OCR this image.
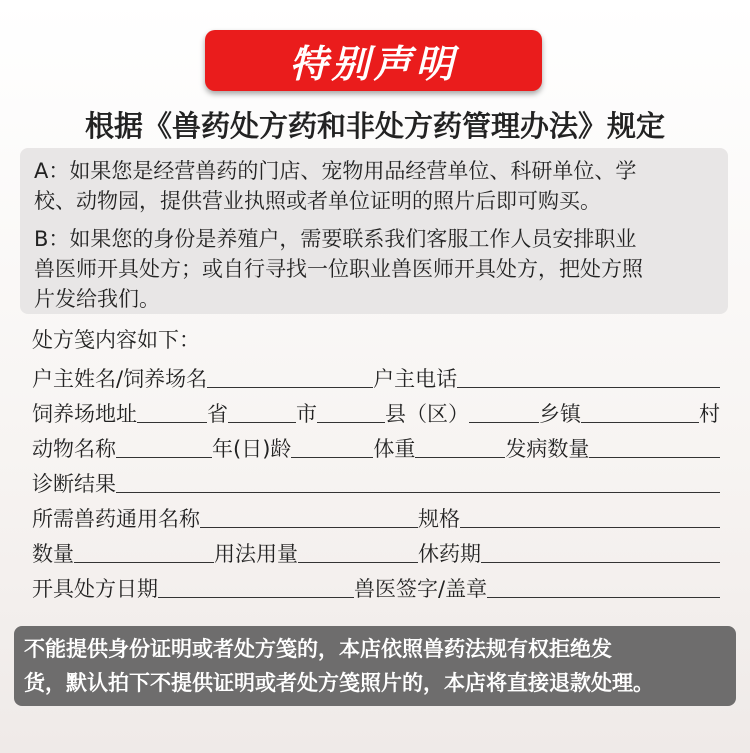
特别声明
根据《兽药处方药和非处方药管理办法》规定

A：如果您是经营兽药的门店、宠物用品经营单位、科研单位、学
校、动物园，提供营业执照或者单位证明的照片后即可购买。

B：如果您的身份是养殖户，需要联系我们客服工作人员安排职业
兽医师开具处方；或自行寻找一位职业兽医师开具处方，把处方照
片发给我们。

处方笺内容如下：
户主姓名/饲养场名	户主电话
饲养场地址	省	市	县（区）	乡镇	村
动物名称	年(日)龄	体重	发病数量
诊断结果
所需兽药通用名称	规格
数量	用法用量	休药期
开具处方日期	兽医签字/盖章

不能提供身份证明或者处方笺的，本店依照兽药法规有权拒绝发

货，默认拍下不提供证明或者处方笺照片的，本店将直接退款处理。
